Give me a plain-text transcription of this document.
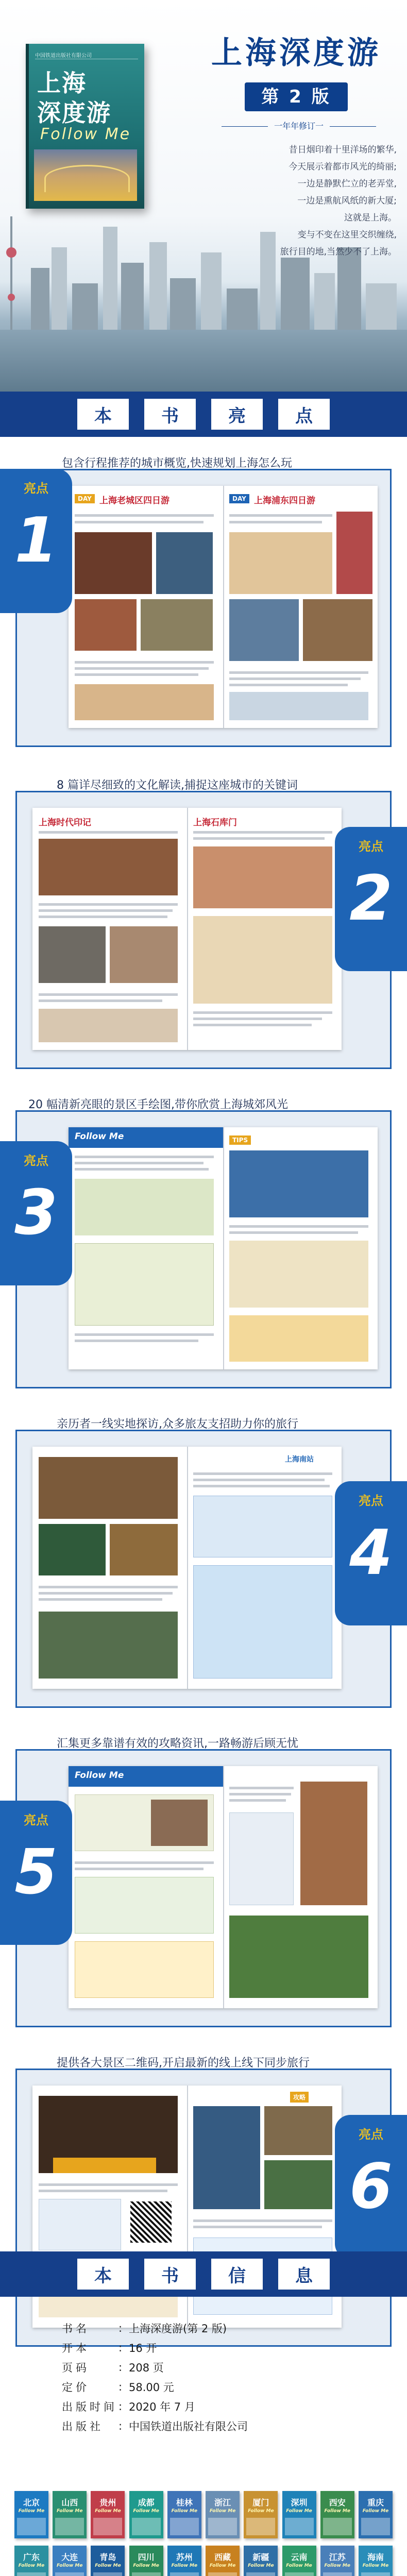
中国铁道出版社有限公司
上海
深度游
Follow Me
上海深度游
第 2 版
一年年修订一
昔日烟印着十里洋场的繁华,
今天展示着都市风光的绮丽;
一边是静默伫立的老弄堂,
一边是熏航风纸的新大厦;
这就是上海。
变与不变在这里交织缠绕,
旅行目的地,当然少不了上海。
本	书	亮	点
包含行程推荐的城市概览,快速规划上海怎么玩
DAY 上海老城区四日游	DAY 上海浦东四日游
亮点
1
8 篇详尽细致的文化解读,捕捉这座城市的关键词
上海时代印记	上海石库门
亮点
2
20 幅清新亮眼的景区手绘图,带你欣赏上海城郊风光
Follow Me	TIPS
亮点
3
亲历者一线实地探访,众多旅友支招助力你的旅行
上海南站
亮点
4
汇集更多靠谱有效的攻略资讯,一路畅游后顾无忧
Follow Me
亮点
5
提供各大景区二维码,开启最新的线上线下同步旅行
攻略
亮点
6
本	书	信	息
书名	: 上海深度游(第 2 版)
开本	: 16 开
页码	: 208 页
定价	: 58.00 元
出版时间 : 2020 年 7 月
出版社	: 中国铁道出版社有限公司
北京
Follow Me
山西
Follow Me
贵州
Follow Me
成都
Follow Me
桂林
Follow Me
浙江
Follow Me
厦门
Follow Me
深圳
Follow Me
西安
Follow Me
重庆
Follow Me
广东
Follow Me
大连
Follow Me
青岛
Follow Me
四川
Follow Me
苏州
Follow Me
西藏
Follow Me
新疆
Follow Me
云南
Follow Me
江苏
Follow Me
海南
Follow Me
